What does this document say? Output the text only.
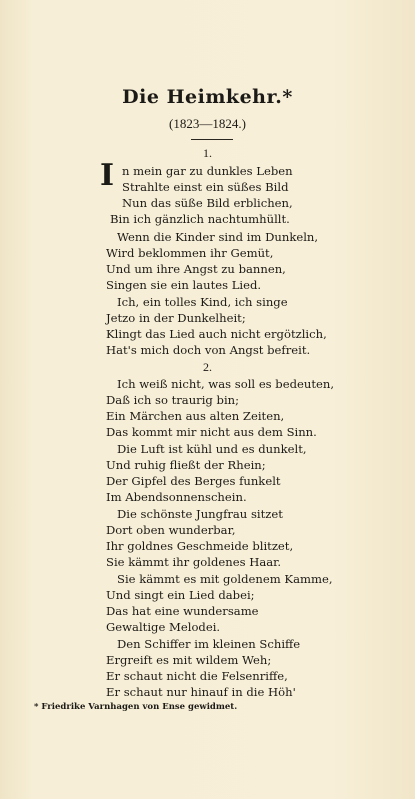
Die Heimkehr.*
(1823—1824.)
1.
I n mein gar zu dunkles Leben
Strahlte einst ein süßes Bild
Nun das süße Bild erblichen,
Bin ich gänzlich nachtumhüllt.
Wenn die Kinder sind im Dunkeln,
Wird beklommen ihr Gemüt,
Und um ihre Angst zu bannen,
Singen sie ein lautes Lied.
Ich, ein tolles Kind, ich singe
Jetzo in der Dunkelheit;
Klingt das Lied auch nicht ergötzlich,
Hat's mich doch von Angst befreit.
2.
Ich weiß nicht, was soll es bedeuten,
Daß ich so traurig bin;
Ein Märchen aus alten Zeiten,
Das kommt mir nicht aus dem Sinn.
Die Luft ist kühl und es dunkelt,
Und ruhig fließt der Rhein;
Der Gipfel des Berges funkelt
Im Abendsonnenschein.
Die schönste Jungfrau sitzet
Dort oben wunderbar,
Ihr goldnes Geschmeide blitzet,
Sie kämmt ihr goldenes Haar.
Sie kämmt es mit goldenem Kamme,
Und singt ein Lied dabei;
Das hat eine wundersame
Gewaltige Melodei.
Den Schiffer im kleinen Schiffe
Ergreift es mit wildem Weh;
Er schaut nicht die Felsenriffe,
Er schaut nur hinauf in die Höh'
* Friedrike Varnhagen von Ense gewidmet.
